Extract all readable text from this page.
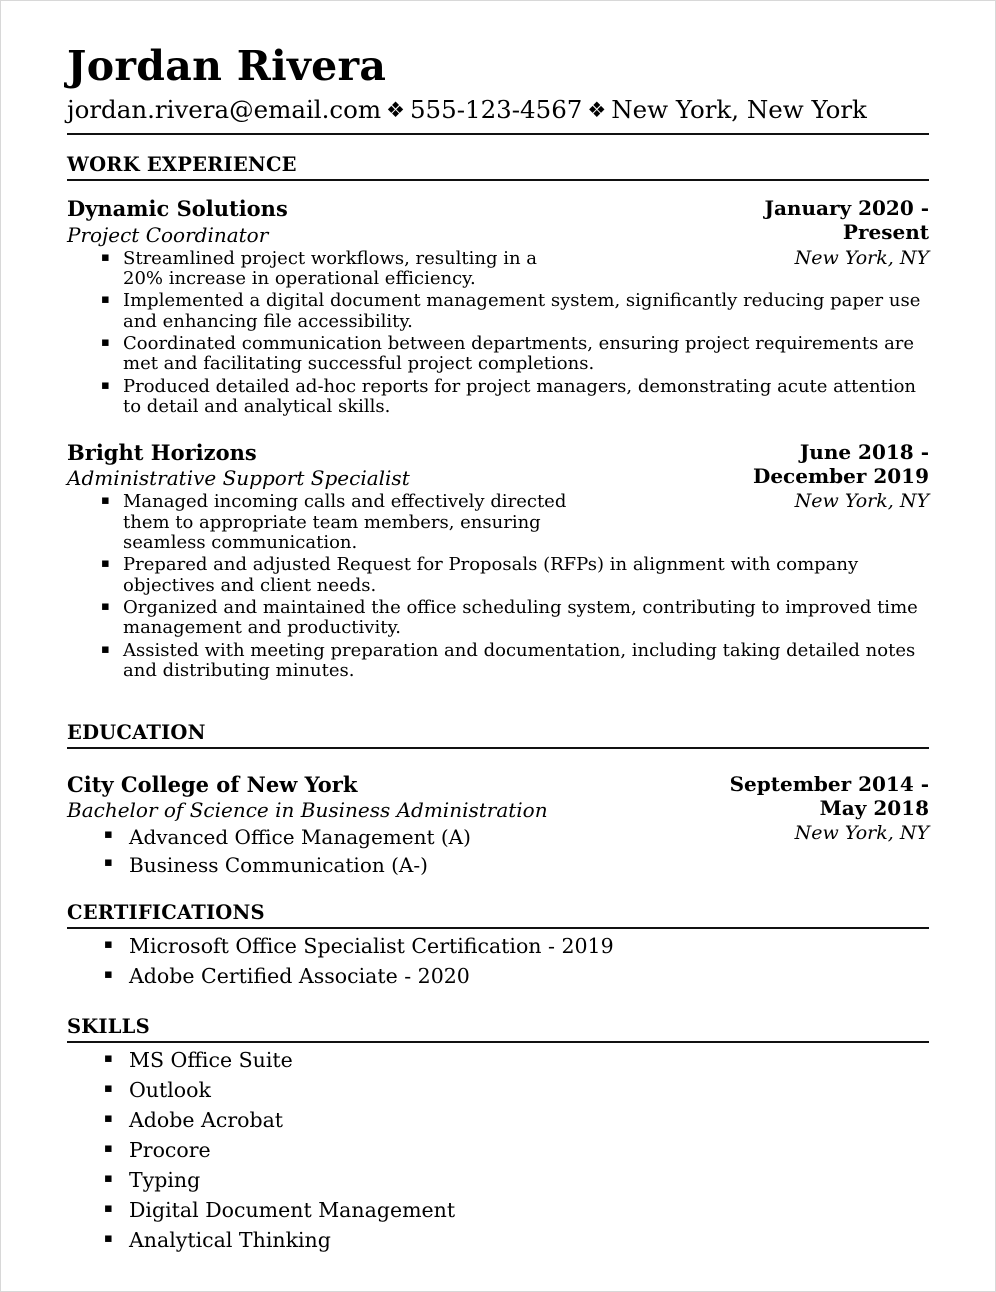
Jordan Rivera
jordan.rivera@email.com ❖ 555-123-4567 ❖ New York, New York
WORK EXPERIENCE
January 2020 - Present
New York, NY
Dynamic Solutions
Project Coordinator
▪ Streamlined project workflows, resulting in a 20% increase in operational efficiency.
▪ Implemented a digital document management system, significantly reducing paper use and enhancing file accessibility.
▪ Coordinated communication between departments, ensuring project requirements are met and facilitating successful project completions.
▪ Produced detailed ad-hoc reports for project managers, demonstrating acute attention to detail and analytical skills.
June 2018 - December 2019
New York, NY
Bright Horizons
Administrative Support Specialist
▪ Managed incoming calls and effectively directed them to appropriate team members, ensuring seamless communication.
▪ Prepared and adjusted Request for Proposals (RFPs) in alignment with company objectives and client needs.
▪ Organized and maintained the office scheduling system, contributing to improved time management and productivity.
▪ Assisted with meeting preparation and documentation, including taking detailed notes and distributing minutes.
EDUCATION
September 2014 - May 2018
New York, NY
City College of New York
Bachelor of Science in Business Administration
▪ Advanced Office Management (A)
▪ Business Communication (A-)
CERTIFICATIONS
▪ Microsoft Office Specialist Certification - 2019
▪ Adobe Certified Associate - 2020
SKILLS
▪ MS Office Suite
▪ Outlook
▪ Adobe Acrobat
▪ Procore
▪ Typing
▪ Digital Document Management
▪ Analytical Thinking
